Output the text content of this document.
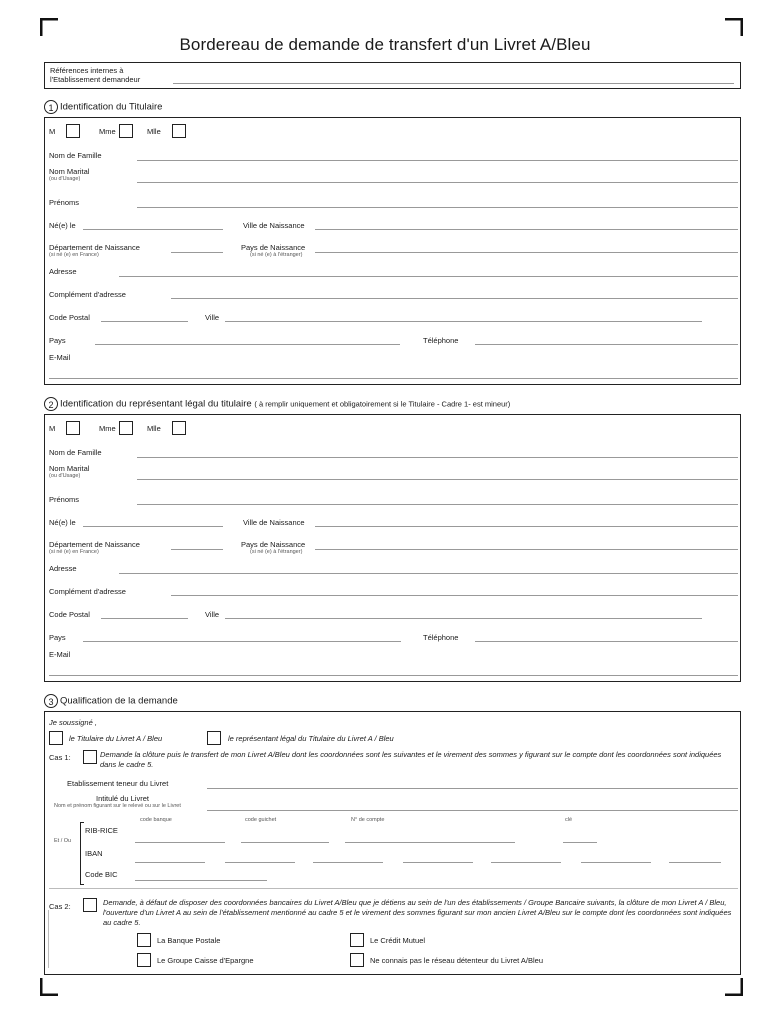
Bordereau de demande de transfert d'un Livret A/Bleu
Références internes à
l'Etablissement demandeur
1 Identification du Titulaire
M	Mme	Mlle
Nom de Famille
Nom Marital
(ou d'Usage)
Prénoms
Né(e) le	Ville de Naissance
Département de Naissance
(si né (e) en France)
Pays de Naissance
(si né (e) à l'étranger)
Adresse
Complément d'adresse
Code Postal	Ville
Pays	Téléphone
E-Mail
2 Identification du représentant légal du titulaire ( à remplir uniquement et obligatoirement si le Titulaire - Cadre 1- est mineur)
M	Mme	Mlle
Nom de Famille
Nom Marital
(ou d'Usage)
Prénoms
Né(e) le	Ville de Naissance
Département de Naissance
(si né (e) en France)
Pays de Naissance
(si né (e) à l'étranger)
Adresse
Complément d'adresse
Code Postal	Ville
Pays	Téléphone
E-Mail
3 Qualification de la demande
Je soussigné ,
le Titulaire du Livret A / Bleu	le représentant légal du Titulaire du Livret A / Bleu
Cas 1:	Demande la clôture puis le transfert de mon Livret A/Bleu dont les coordonnées sont les suivantes et le virement des sommes y figurant sur le compte dont les coordonnées sont indiquées dans le cadre 5.
Etablissement teneur du Livret
Intitulé du Livret
Nom et prénom figurant sur le relevé ou sur le Livret
code banque	code guichet	N° de compte	clé
RIB-RICE
Et / Ou
IBAN
Code BIC
Cas 2:	Demande, à défaut de disposer des coordonnées bancaires du Livret A/Bleu que je détiens au sein de l'un des établissements / Groupe Bancaire suivants, la clôture de mon Livret A / Bleu, l'ouverture d'un Livret A au sein de l'établissement mentionné au cadre 5 et le virement des sommes figurant sur mon ancien Livret A/Bleu sur le compte dont les coordonnées sont indiquées au cadre 5.
La Banque Postale	Le Crédit Mutuel
Le Groupe Caisse d'Epargne	Ne connais pas le réseau détenteur du Livret A/Bleu
